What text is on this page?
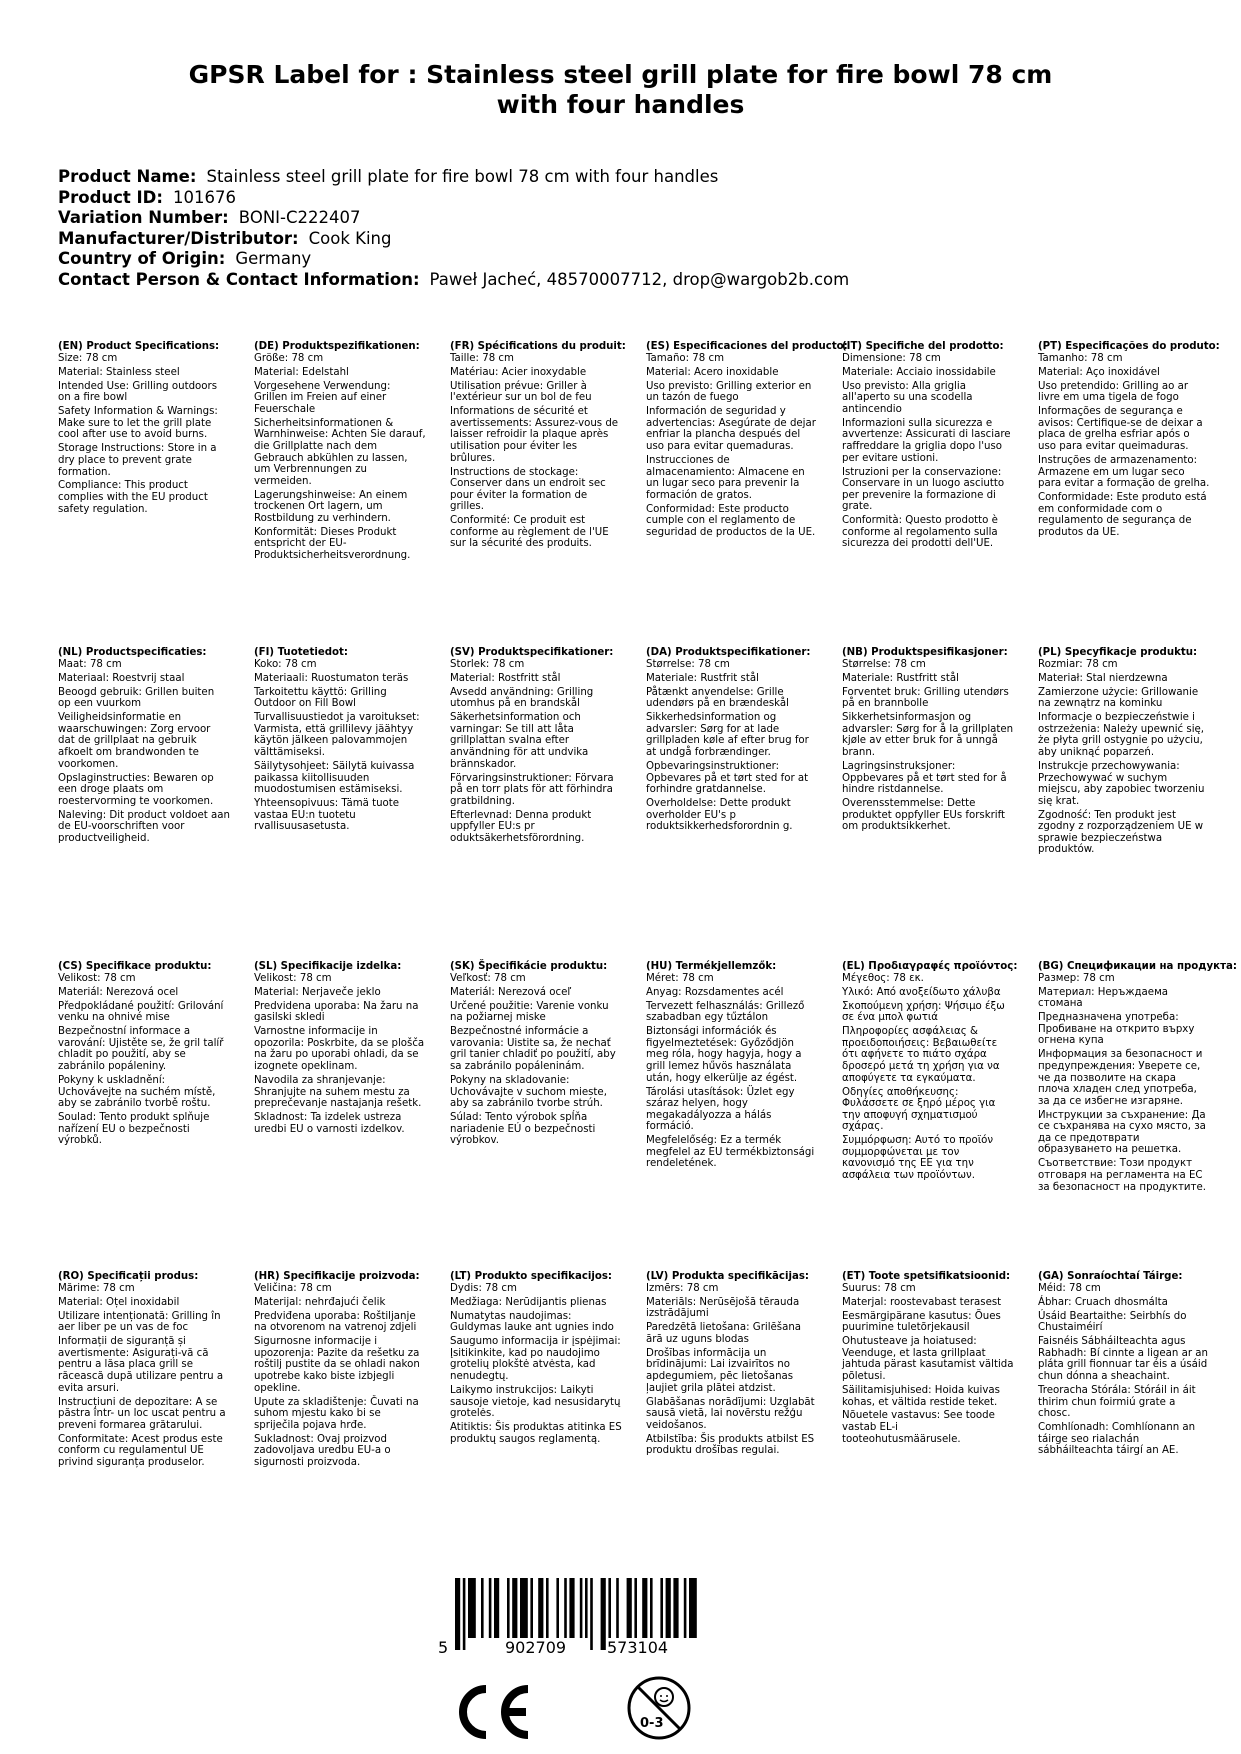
GPSR Label for : Stainless steel grill plate for fire bowl 78 cm
with four handles
Product Name: Stainless steel grill plate for fire bowl 78 cm with four handles
Product ID: 101676
Variation Number: BONI-C222407
Manufacturer/Distributor: Cook King
Country of Origin: Germany
Contact Person & Contact Information: Paweł Jacheć, 48570007712, drop@wargob2b.com
(EN) Product Specifications:
Size: 78 cm
Material: Stainless steel
Intended Use: Grilling outdoors on a fire bowl
Safety Information & Warnings: Make sure to let the grill plate cool after use to avoid burns.
Storage Instructions: Store in a dry place to prevent grate formation.
Compliance: This product complies with the EU product safety regulation.
(DE) Produktspezifikationen:
Größe: 78 cm
Material: Edelstahl
Vorgesehene Verwendung: Grillen im Freien auf einer Feuerschale
Sicherheitsinformationen & Warnhinweise: Achten Sie darauf, die Grillplatte nach dem Gebrauch abkühlen zu lassen, um Verbrennungen zu vermeiden.
Lagerungshinweise: An einem trockenen Ort lagern, um Rostbildung zu verhindern.
Konformität: Dieses Produkt entspricht der EU-Produktsicherheitsverordnung.
(FR) Spécifications du produit:
Taille: 78 cm
Matériau: Acier inoxydable
Utilisation prévue: Griller à l'extérieur sur un bol de feu
Informations de sécurité et avertissements: Assurez-vous de laisser refroidir la plaque après utilisation pour éviter les brûlures.
Instructions de stockage: Conserver dans un endroit sec pour éviter la formation de grilles.
Conformité: Ce produit est conforme au règlement de l'UE sur la sécurité des produits.
(ES) Especificaciones del producto:
Tamaño: 78 cm
Material: Acero inoxidable
Uso previsto: Grilling exterior en un tazón de fuego
Información de seguridad y advertencias: Asegúrate de dejar enfriar la plancha después del uso para evitar quemaduras.
Instrucciones de almacenamiento: Almacene en un lugar seco para prevenir la formación de gratos.
Conformidad: Este producto cumple con el reglamento de seguridad de productos de la UE.
(IT) Specifiche del prodotto:
Dimensione: 78 cm
Materiale: Acciaio inossidabile
Uso previsto: Alla griglia all'aperto su una scodella antincendio
Informazioni sulla sicurezza e avvertenze: Assicurati di lasciare raffreddare la griglia dopo l'uso per evitare ustioni.
Istruzioni per la conservazione: Conservare in un luogo asciutto per prevenire la formazione di grate.
Conformità: Questo prodotto è conforme al regolamento sulla sicurezza dei prodotti dell'UE.
(PT) Especificações do produto:
Tamanho: 78 cm
Material: Aço inoxidável
Uso pretendido: Grilling ao ar livre em uma tigela de fogo
Informações de segurança e avisos: Certifique-se de deixar a placa de grelha esfriar após o uso para evitar queimaduras.
Instruções de armazenamento: Armazene em um lugar seco para evitar a formação de grelha.
Conformidade: Este produto está em conformidade com o regulamento de segurança de produtos da UE.
(NL) Productspecificaties:
Maat: 78 cm
Materiaal: Roestvrij staal
Beoogd gebruik: Grillen buiten op een vuurkom
Veiligheidsinformatie en waarschuwingen: Zorg ervoor dat de grillplaat na gebruik afkoelt om brandwonden te voorkomen.
Opslaginstructies: Bewaren op een droge plaats om roestervorming te voorkomen.
Naleving: Dit product voldoet aan de EU-voorschriften voor productveiligheid.
(FI) Tuotetiedot:
Koko: 78 cm
Materiaali: Ruostumaton teräs
Tarkoitettu käyttö: Grilling Outdoor on Fill Bowl
Turvallisuustiedot ja varoitukset: Varmista, että grillilevy jäähtyy käytön jälkeen palovammojen välttämiseksi.
Säilytysohjeet: Säilytä kuivassa paikassa kiitollisuuden muodostumisen estämiseksi.
Yhteensopivuus: Tämä tuote vastaa EU:n tuotetu rvallisuusasetusta.
(SV) Produktspecifikationer:
Storlek: 78 cm
Material: Rostfritt stål
Avsedd användning: Grilling utomhus på en brandskål
Säkerhetsinformation och varningar: Se till att låta grillplattan svalna efter användning för att undvika brännskador.
Förvaringsinstruktioner: Förvara på en torr plats för att förhindra gratbildning.
Efterlevnad: Denna produkt uppfyller EU:s pr oduktsäkerhetsförordning.
(DA) Produktspecifikationer:
Størrelse: 78 cm
Materiale: Rustfrit stål
Påtænkt anvendelse: Grille udendørs på en brændeskål
Sikkerhedsinformation og advarsler: Sørg for at lade grillpladen køle af efter brug for at undgå forbrændinger.
Opbevaringsinstruktioner: Opbevares på et tørt sted for at forhindre gratdannelse.
Overholdelse: Dette produkt overholder EU's p roduktsikkerhedsforordnin g.
(NB) Produktspesifikasjoner:
Størrelse: 78 cm
Materiale: Rustfritt stål
Forventet bruk: Grilling utendørs på en brannbolle
Sikkerhetsinformasjon og advarsler: Sørg for å la grillplaten kjøle av etter bruk for å unngå brann.
Lagringsinstruksjoner: Oppbevares på et tørt sted for å hindre ristdannelse.
Overensstemmelse: Dette produktet oppfyller EUs forskrift om produktsikkerhet.
(PL) Specyfikacje produktu:
Rozmiar: 78 cm
Materiał: Stal nierdzewna
Zamierzone użycie: Grillowanie na zewnątrz na kominku
Informacje o bezpieczeństwie i ostrzeżenia: Należy upewnić się, że płyta grill ostygnie po użyciu, aby uniknąć poparzeń.
Instrukcje przechowywania: Przechowywać w suchym miejscu, aby zapobiec tworzeniu się krat.
Zgodność: Ten produkt jest zgodny z rozporządzeniem UE w sprawie bezpieczeństwa produktów.
(CS) Specifikace produktu:
Velikost: 78 cm
Materiál: Nerezová ocel
Předpokládané použití: Grilování venku na ohnivé mise
Bezpečnostní informace a varování: Ujistěte se, že gril talíř chladit po použití, aby se zabránilo popáleniny.
Pokyny k uskladnění: Uchovávejte na suchém místě, aby se zabránilo tvorbě roštu.
Soulad: Tento produkt splňuje nařízení EU o bezpečnosti výrobků.
(SL) Specifikacije izdelka:
Velikost: 78 cm
Material: Nerjaveče jeklo
Predvidena uporaba: Na žaru na gasilski skledi
Varnostne informacije in opozorila: Poskrbite, da se plošča na žaru po uporabi ohladi, da se izognete opeklinam.
Navodila za shranjevanje: Shranjujte na suhem mestu za preprečevanje nastajanja rešetk.
Skladnost: Ta izdelek ustreza uredbi EU o varnosti izdelkov.
(SK) Špecifikácie produktu:
Veľkosť: 78 cm
Materiál: Nerezová oceľ
Určené použitie: Varenie vonku na požiarnej miske
Bezpečnostné informácie a varovania: Uistite sa, že nechať gril tanier chladiť po použití, aby sa zabránilo popáleninám.
Pokyny na skladovanie: Uchovávajte v suchom mieste, aby sa zabránilo tvorbe strúh.
Súlad: Tento výrobok spĺňa nariadenie EÚ o bezpečnosti výrobkov.
(HU) Termékjellemzők:
Méret: 78 cm
Anyag: Rozsdamentes acél
Tervezett felhasználás: Grillező szabadban egy tűztálon
Biztonsági információk és figyelmeztetések: Győződjön meg róla, hogy hagyja, hogy a grill lemez hűvös használata után, hogy elkerülje az égést.
Tárolási utasítások: Üzlet egy száraz helyen, hogy megakadályozza a hálás formáció.
Megfelelőség: Ez a termék megfelel az EU termékbiztonsági rendeletének.
(EL) Προδιαγραφές προϊόντος:
Μέγεθος: 78 εκ.
Υλικό: Από ανοξείδωτο χάλυβα
Σκοπούμενη χρήση: Ψήσιμο έξω σε ένα μπολ φωτιά
Πληροφορίες ασφάλειας & προειδοποιήσεις: Βεβαιωθείτε ότι αφήνετε το πιάτο σχάρα δροσερό μετά τη χρήση για να αποφύγετε τα εγκαύματα.
Οδηγίες αποθήκευσης: Φυλάσσετε σε ξηρό μέρος για την αποφυγή σχηματισμού σχάρας.
Συμμόρφωση: Αυτό το προϊόν συμμορφώνεται με τον κανονισμό της ΕΕ για την ασφάλεια των προϊόντων.
(BG) Спецификации на продукта:
Размер: 78 cm
Материал: Неръждаема стомана
Предназначена употреба: Пробиване на открито върху огнена купа
Информация за безопасност и предупреждения: Уверете се, че да позволите на скара плоча хладен след употреба, за да се избегне изгаряне.
Инструкции за съхранение: Да се съхранява на сухо място, за да се предотврати образуването на решетка.
Съответствие: Този продукт отговаря на регламента на ЕС за безопасност на продуктите.
(RO) Specificații produs:
Mărime: 78 cm
Material: Oțel inoxidabil
Utilizare intenționată: Grilling în aer liber pe un vas de foc
Informații de siguranță și avertismente: Asigurați-vă că pentru a lăsa placa grill se răcească după utilizare pentru a evita arsuri.
Instrucțiuni de depozitare: A se păstra într- un loc uscat pentru a preveni formarea grătarului.
Conformitate: Acest produs este conform cu regulamentul UE privind siguranța produselor.
(HR) Specifikacije proizvoda:
Veličina: 78 cm
Materijal: nehrđajući čelik
Predviđena uporaba: Roštiljanje na otvorenom na vatrenoj zdjeli
Sigurnosne informacije i upozorenja: Pazite da rešetku za roštilj pustite da se ohladi nakon upotrebe kako biste izbjegli opekline.
Upute za skladištenje: Čuvati na suhom mjestu kako bi se spriječila pojava hrđe.
Sukladnost: Ovaj proizvod zadovoljava uredbu EU-a o sigurnosti proizvoda.
(LT) Produkto specifikacijos:
Dydis: 78 cm
Medžiaga: Nerūdijantis plienas
Numatytas naudojimas: Guldymas lauke ant ugnies indo
Saugumo informacija ir įspėjimai: Įsitikinkite, kad po naudojimo grotelių plokštė atvėsta, kad nenudegtų.
Laikymo instrukcijos: Laikyti sausoje vietoje, kad nesusidarytų grotelės.
Atitiktis: Šis produktas atitinka ES produktų saugos reglamentą.
(LV) Produkta specifikācijas:
Izmērs: 78 cm
Materiāls: Nerūsējošā tērauda izstrādājumi
Paredzētā lietošana: Grilēšana ārā uz uguns blodas
Drošības informācija un brīdinājumi: Lai izvairītos no apdegumiem, pēc lietošanas ļaujiet grila plātei atdzist.
Glabāšanas norādījumi: Uzglabāt sausā vietā, lai novērstu režģu veidošanos.
Atbilstība: Šis produkts atbilst ES produktu drošības regulai.
(ET) Toote spetsifikatsioonid:
Suurus: 78 cm
Materjal: roostevabast terasest
Eesmärgipärane kasutus: Õues puurimine tuletõrjekausil
Ohutusteave ja hoiatused: Veenduge, et lasta grillplaat jahtuda pärast kasutamist vältida põletusi.
Säilitamisjuhised: Hoida kuivas kohas, et vältida restide teket.
Nõuetele vastavus: See toode vastab EL-i tooteohutusmäärusele.
(GA) Sonraíochtaí Táirge:
Méid: 78 cm
Ábhar: Cruach dhosmálta
Úsáid Beartaithe: Seirbhís do Chustaiméirí
Faisnéis Sábháilteachta agus Rabhadh: Bí cinnte a ligean ar an pláta grill fionnuar tar éis a úsáid chun dónna a sheachaint.
Treoracha Stórála: Stóráil in áit thirim chun foirmiú grate a chosc.
Comhlíonadh: Comhlíonann an táirge seo rialachán sábháilteachta táirgí an AE.
5	902709	573104
0-3
